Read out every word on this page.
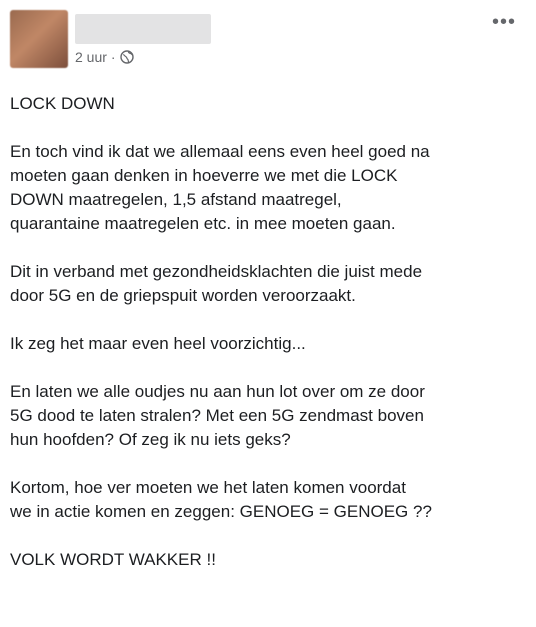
2 uur ·
•••

LOCK DOWN

En toch vind ik dat we allemaal eens even heel goed na
moeten gaan denken in hoeverre we met die LOCK
DOWN maatregelen, 1,5 afstand maatregel,
quarantaine maatregelen etc. in mee moeten gaan.

Dit in verband met gezondheidsklachten die juist mede
door 5G en de griepspuit worden veroorzaakt.

Ik zeg het maar even heel voorzichtig...

En laten we alle oudjes nu aan hun lot over om ze door
5G dood te laten stralen? Met een 5G zendmast boven
hun hoofden? Of zeg ik nu iets geks?

Kortom, hoe ver moeten we het laten komen voordat
we in actie komen en zeggen: GENOEG = GENOEG ??

VOLK WORDT WAKKER !!
